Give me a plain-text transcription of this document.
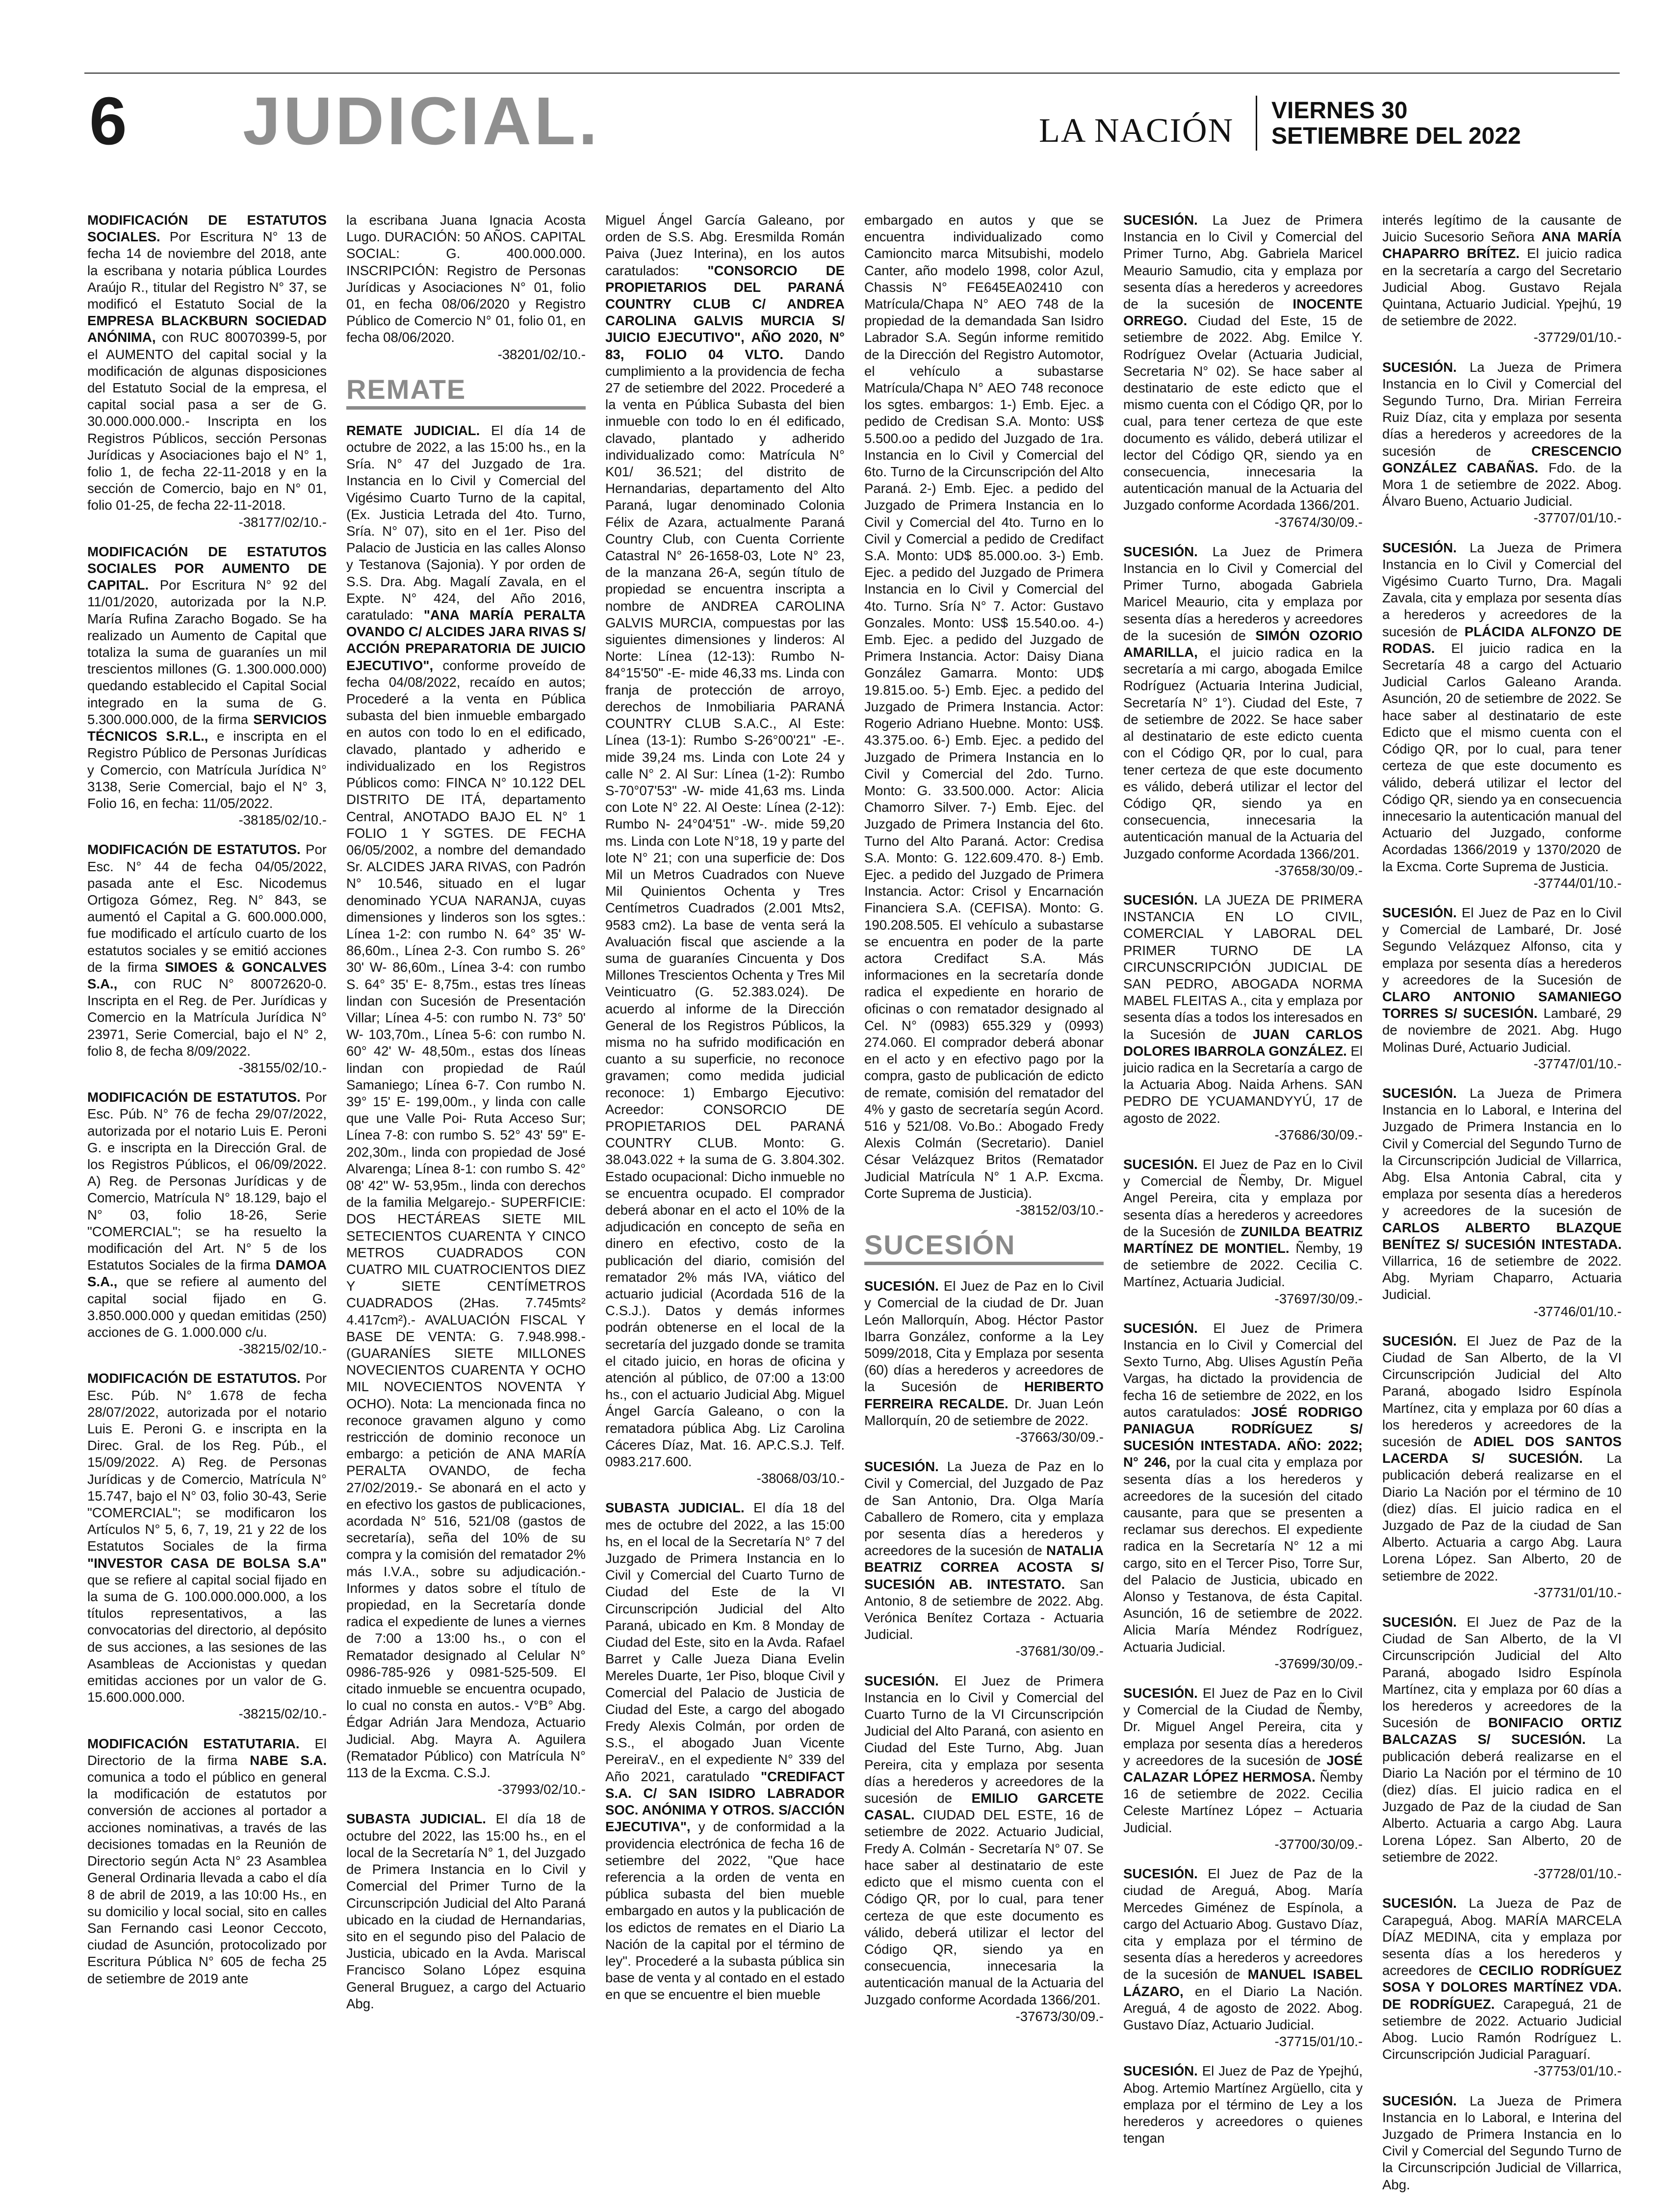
6 JUDICIAL.	LA NACIÓN
VIERNES 30
SETIEMBRE DEL 2022
MODIFICACIÓN DE ESTATUTOS SOCIALES. Por Escritura N° 13 de fecha 14 de noviembre del 2018, ante la escribana y notaria pública Lourdes Araújo R., titular del Registro N° 37, se modificó el Estatuto Social de la EMPRESA BLACKBURN SOCIEDAD ANÓNIMA, con RUC 80070399-5, por el AUMENTO del capital social y la modificación de algunas disposiciones del Estatuto Social de la empresa, el capital social pasa a ser de G. 30.000.000.000.- Inscripta en los Registros Públicos, sección Personas Jurídicas y Asociaciones bajo el N° 1, folio 1, de fecha 22-11-2018 y en la sección de Comercio, bajo en N° 01, folio 01-25, de fecha 22-11-2018.
-38177/02/10.-
MODIFICACIÓN DE ESTATUTOS SOCIALES POR AUMENTO DE CAPITAL. Por Escritura N° 92 del 11/01/2020, autorizada por la N.P. María Rufina Zaracho Bogado. Se ha realizado un Aumento de Capital que totaliza la suma de guaraníes un mil trescientos millones (G. 1.300.000.000) quedando establecido el Capital Social integrado en la suma de G. 5.300.000.000, de la firma SERVICIOS TÉCNICOS S.R.L., e inscripta en el Registro Público de Personas Jurídicas y Comercio, con Matrícula Jurídica N° 3138, Serie Comercial, bajo el N° 3, Folio 16, en fecha: 11/05/2022.
-38185/02/10.-
MODIFICACIÓN DE ESTATUTOS. Por Esc. N° 44 de fecha 04/05/2022, pasada ante el Esc. Nicodemus Ortigoza Gómez, Reg. N° 843, se aumentó el Capital a G. 600.000.000, fue modificado el artículo cuarto de los estatutos sociales y se emitió acciones de la firma SIMOES & GONCALVES S.A., con RUC N° 80072620-0. Inscripta en el Reg. de Per. Jurídicas y Comercio en la Matrícula Jurídica N° 23971, Serie Comercial, bajo el N° 2, folio 8, de fecha 8/09/2022.
-38155/02/10.-
MODIFICACIÓN DE ESTATUTOS. Por Esc. Púb. N° 76 de fecha 29/07/2022, autorizada por el notario Luis E. Peroni G. e inscripta en la Dirección Gral. de los Registros Públicos, el 06/09/2022. A) Reg. de Personas Jurídicas y de Comercio, Matrícula N° 18.129, bajo el N° 03, folio 18-26, Serie "COMERCIAL"; se ha resuelto la modificación del Art. N° 5 de los Estatutos Sociales de la firma DAMOA S.A., que se refiere al aumento del capital social fijado en G. 3.850.000.000 y quedan emitidas (250) acciones de G. 1.000.000 c/u.
-38215/02/10.-
MODIFICACIÓN DE ESTATUTOS. Por Esc. Púb. N° 1.678 de fecha 28/07/2022, autorizada por el notario Luis E. Peroni G. e inscripta en la Direc. Gral. de los Reg. Púb., el 15/09/2022. A) Reg. de Personas Jurídicas y de Comercio, Matrícula N° 15.747, bajo el N° 03, folio 30-43, Serie "COMERCIAL"; se modificaron los Artículos N° 5, 6, 7, 19, 21 y 22 de los Estatutos Sociales de la firma "INVESTOR CASA DE BOLSA S.A" que se refiere al capital social fijado en la suma de G. 100.000.000.000, a los títulos representativos, a las convocatorias del directorio, al depósito de sus acciones, a las sesiones de las Asambleas de Accionistas y quedan emitidas acciones por un valor de G. 15.600.000.000.
-38215/02/10.-
MODIFICACIÓN ESTATUTARIA. El Directorio de la firma NABE S.A. comunica a todo el público en general la modificación de estatutos por conversión de acciones al portador a acciones nominativas, a través de las decisiones tomadas en la Reunión de Directorio según Acta N° 23 Asamblea General Ordinaria llevada a cabo el día 8 de abril de 2019, a las 10:00 Hs., en su domicilio y local social, sito en calles San Fernando casi Leonor Ceccoto, ciudad de Asunción, protocolizado por Escritura Pública N° 605 de fecha 25 de setiembre de 2019 ante
la escribana Juana Ignacia Acosta Lugo. DURACIÓN: 50 AÑOS. CAPITAL SOCIAL: G. 400.000.000. INSCRIPCIÓN: Registro de Personas Jurídicas y Asociaciones N° 01, folio 01, en fecha 08/06/2020 y Registro Público de Comercio N° 01, folio 01, en fecha 08/06/2020.
-38201/02/10.-
REMATE
REMATE JUDICIAL. El día 14 de octubre de 2022, a las 15:00 hs., en la Sría. N° 47 del Juzgado de 1ra. Instancia en lo Civil y Comercial del Vigésimo Cuarto Turno de la capital, (Ex. Justicia Letrada del 4to. Turno, Sría. N° 07), sito en el 1er. Piso del Palacio de Justicia en las calles Alonso y Testanova (Sajonia). Y por orden de S.S. Dra. Abg. Magalí Zavala, en el Expte. N° 424, del Año 2016, caratulado: "ANA MARÍA PERALTA OVANDO C/ ALCIDES JARA RIVAS S/ ACCIÓN PREPARATORIA DE JUICIO EJECUTIVO", conforme proveído de fecha 04/08/2022, recaído en autos; Procederé a la venta en Pública subasta del bien inmueble embargado en autos con todo lo en el edificado, clavado, plantado y adherido e individualizado en los Registros Públicos como: FINCA N° 10.122 DEL DISTRITO DE ITÁ, departamento Central, ANOTADO BAJO EL N° 1 FOLIO 1 Y SGTES. DE FECHA 06/05/2002, a nombre del demandado Sr. ALCIDES JARA RIVAS, con Padrón N° 10.546, situado en el lugar denominado YCUA NARANJA, cuyas dimensiones y linderos son los sgtes.: Línea 1-2: con rumbo N. 64° 35' W- 86,60m., Línea 2-3. Con rumbo S. 26° 30' W- 86,60m., Línea 3-4: con rumbo S. 64° 35' E- 8,75m., estas tres líneas lindan con Sucesión de Presentación Villar; Línea 4-5: con rumbo N. 73° 50' W- 103,70m., Línea 5-6: con rumbo N. 60° 42' W- 48,50m., estas dos líneas lindan con propiedad de Raúl Samaniego; Línea 6-7. Con rumbo N. 39° 15' E- 199,00m., y linda con calle que une Valle Poi- Ruta Acceso Sur; Línea 7-8: con rumbo S. 52° 43' 59" E- 202,30m., linda con propiedad de José Alvarenga; Línea 8-1: con rumbo S. 42° 08' 42" W- 53,95m., linda con derechos de la familia Melgarejo.- SUPERFICIE: DOS HECTÁREAS SIETE MIL SETECIENTOS CUARENTA Y CINCO METROS CUADRADOS CON CUATRO MIL CUATROCIENTOS DIEZ Y SIETE CENTÍMETROS CUADRADOS (2Has. 7.745mts² 4.417cm²).- AVALUACIÓN FISCAL Y BASE DE VENTA: G. 7.948.998.- (GUARANÍES SIETE MILLONES NOVECIENTOS CUARENTA Y OCHO MIL NOVECIENTOS NOVENTA Y OCHO). Nota: La mencionada finca no reconoce gravamen alguno y como restricción de dominio reconoce un embargo: a petición de ANA MARÍA PERALTA OVANDO, de fecha 27/02/2019.- Se abonará en el acto y en efectivo los gastos de publicaciones, acordada N° 516, 521/08 (gastos de secretaría), seña del 10% de su compra y la comisión del rematador 2% más I.V.A., sobre su adjudicación.- Informes y datos sobre el título de propiedad, en la Secretaría donde radica el expediente de lunes a viernes de 7:00 a 13:00 hs., o con el Rematador designado al Celular N° 0986-785-926 y 0981-525-509. El citado inmueble se encuentra ocupado, lo cual no consta en autos.- V°B° Abg. Édgar Adrián Jara Mendoza, Actuario Judicial. Abg. Mayra A. Aguilera (Rematador Público) con Matrícula N° 113 de la Excma. C.S.J.
-37993/02/10.-
SUBASTA JUDICIAL. El día 18 de octubre del 2022, las 15:00 hs., en el local de la Secretaría N° 1, del Juzgado de Primera Instancia en lo Civil y Comercial del Primer Turno de la Circunscripción Judicial del Alto Paraná ubicado en la ciudad de Hernandarias, sito en el segundo piso del Palacio de Justicia, ubicado en la Avda. Mariscal Francisco Solano López esquina General Bruguez, a cargo del Actuario Abg.
Miguel Ángel García Galeano, por orden de S.S. Abg. Eresmilda Román Paiva (Juez Interina), en los autos caratulados: "CONSORCIO DE PROPIETARIOS DEL PARANÁ COUNTRY CLUB C/ ANDREA CAROLINA GALVIS MURCIA S/ JUICIO EJECUTIVO", AÑO 2020, N° 83, FOLIO 04 VLTO. Dando cumplimiento a la providencia de fecha 27 de setiembre del 2022. Procederé a la venta en Pública Subasta del bien inmueble con todo lo en él edificado, clavado, plantado y adherido individualizado como: Matrícula N° K01/ 36.521; del distrito de Hernandarias, departamento del Alto Paraná, lugar denominado Colonia Félix de Azara, actualmente Paraná Country Club, con Cuenta Corriente Catastral N° 26-1658-03, Lote N° 23, de la manzana 26-A, según título de propiedad se encuentra inscripta a nombre de ANDREA CAROLINA GALVIS MURCIA, compuestas por las siguientes dimensiones y linderos: Al Norte: Línea (12-13): Rumbo N- 84°15'50" -E- mide 46,33 ms. Linda con franja de protección de arroyo, derechos de Inmobiliaria PARANÁ COUNTRY CLUB S.A.C., Al Este: Línea (13-1): Rumbo S-26°00'21" -E-. mide 39,24 ms. Linda con Lote 24 y calle N° 2. Al Sur: Línea (1-2): Rumbo S-70°07'53" -W- mide 41,63 ms. Linda con Lote N° 22. Al Oeste: Línea (2-12): Rumbo N- 24°04'51" -W-. mide 59,20 ms. Linda con Lote N°18, 19 y parte del lote N° 21; con una superficie de: Dos Mil un Metros Cuadrados con Nueve Mil Quinientos Ochenta y Tres Centímetros Cuadrados (2.001 Mts2, 9583 cm2). La base de venta será la Avaluación fiscal que asciende a la suma de guaraníes Cincuenta y Dos Millones Trescientos Ochenta y Tres Mil Veinticuatro (G. 52.383.024). De acuerdo al informe de la Dirección General de los Registros Públicos, la misma no ha sufrido modificación en cuanto a su superficie, no reconoce gravamen; como medida judicial reconoce: 1) Embargo Ejecutivo: Acreedor: CONSORCIO DE PROPIETARIOS DEL PARANÁ COUNTRY CLUB. Monto: G. 38.043.022 + la suma de G. 3.804.302. Estado ocupacional: Dicho inmueble no se encuentra ocupado. El comprador deberá abonar en el acto el 10% de la adjudicación en concepto de seña en dinero en efectivo, costo de la publicación del diario, comisión del rematador 2% más IVA, viático del actuario judicial (Acordada 516 de la C.S.J.). Datos y demás informes podrán obtenerse en el local de la secretaría del juzgado donde se tramita el citado juicio, en horas de oficina y atención al público, de 07:00 a 13:00 hs., con el actuario Judicial Abg. Miguel Ángel García Galeano, o con la rematadora pública Abg. Liz Carolina Cáceres Díaz, Mat. 16. AP.C.S.J. Telf. 0983.217.600.
-38068/03/10.-
SUBASTA JUDICIAL. El día 18 del mes de octubre del 2022, a las 15:00 hs, en el local de la Secretaría N° 7 del Juzgado de Primera Instancia en lo Civil y Comercial del Cuarto Turno de Ciudad del Este de la VI Circunscripción Judicial del Alto Paraná, ubicado en Km. 8 Monday de Ciudad del Este, sito en la Avda. Rafael Barret y Calle Jueza Diana Evelin Mereles Duarte, 1er Piso, bloque Civil y Comercial del Palacio de Justicia de Ciudad del Este, a cargo del abogado Fredy Alexis Colmán, por orden de S.S., el abogado Juan Vicente PereiraV., en el expediente N° 339 del Año 2021, caratulado "CREDIFACT S.A. C/ SAN ISIDRO LABRADOR SOC. ANÓNIMA Y OTROS. S/ACCIÓN EJECUTIVA", y de conformidad a la providencia electrónica de fecha 16 de setiembre del 2022, "Que hace referencia a la orden de venta en pública subasta del bien mueble embargado en autos y la publicación de los edictos de remates en el Diario La Nación de la capital por el término de ley". Procederé a la subasta pública sin base de venta y al contado en el estado en que se encuentre el bien mueble
embargado en autos y que se encuentra individualizado como Camioncito marca Mitsubishi, modelo Canter, año modelo 1998, color Azul, Chassis N° FE645EA02410 con Matrícula/Chapa N° AEO 748 de la propiedad de la demandada San Isidro Labrador S.A. Según informe remitido de la Dirección del Registro Automotor, el vehículo a subastarse Matrícula/Chapa N° AEO 748 reconoce los sgtes. embargos: 1-) Emb. Ejec. a pedido de Credisan S.A. Monto: US$ 5.500.oo a pedido del Juzgado de 1ra. Instancia en lo Civil y Comercial del 6to. Turno de la Circunscripción del Alto Paraná. 2-) Emb. Ejec. a pedido del Juzgado de Primera Instancia en lo Civil y Comercial del 4to. Turno en lo Civil y Comercial a pedido de Credifact S.A. Monto: UD$ 85.000.oo. 3-) Emb. Ejec. a pedido del Juzgado de Primera Instancia en lo Civil y Comercial del 4to. Turno. Sría N° 7. Actor: Gustavo Gonzales. Monto: US$ 15.540.oo. 4-) Emb. Ejec. a pedido del Juzgado de Primera Instancia. Actor: Daisy Diana González Gamarra. Monto: UD$ 19.815.oo. 5-) Emb. Ejec. a pedido del Juzgado de Primera Instancia. Actor: Rogerio Adriano Huebne. Monto: US$. 43.375.oo. 6-) Emb. Ejec. a pedido del Juzgado de Primera Instancia en lo Civil y Comercial del 2do. Turno. Monto: G. 33.500.000. Actor: Alicia Chamorro Silver. 7-) Emb. Ejec. del Juzgado de Primera Instancia del 6to. Turno del Alto Paraná. Actor: Credisa S.A. Monto: G. 122.609.470. 8-) Emb. Ejec. a pedido del Juzgado de Primera Instancia. Actor: Crisol y Encarnación Financiera S.A. (CEFISA). Monto: G. 190.208.505. El vehículo a subastarse se encuentra en poder de la parte actora Credifact S.A. Más informaciones en la secretaría donde radica el expediente en horario de oficinas o con rematador designado al Cel. N° (0983) 655.329 y (0993) 274.060. El comprador deberá abonar en el acto y en efectivo pago por la compra, gasto de publicación de edicto de remate, comisión del rematador del 4% y gasto de secretaría según Acord. 516 y 521/08. Vo.Bo.: Abogado Fredy Alexis Colmán (Secretario). Daniel César Velázquez Britos (Rematador Judicial Matrícula N° 1 A.P. Excma. Corte Suprema de Justicia).
-38152/03/10.-
SUCESIÓN
SUCESIÓN. El Juez de Paz en lo Civil y Comercial de la ciudad de Dr. Juan León Mallorquín, Abog. Héctor Pastor Ibarra González, conforme a la Ley 5099/2018, Cita y Emplaza por sesenta (60) días a herederos y acreedores de la Sucesión de HERIBERTO FERREIRA RECALDE. Dr. Juan León Mallorquín, 20 de setiembre de 2022.
-37663/30/09.-
SUCESIÓN. La Jueza de Paz en lo Civil y Comercial, del Juzgado de Paz de San Antonio, Dra. Olga María Caballero de Romero, cita y emplaza por sesenta días a herederos y acreedores de la sucesión de NATALIA BEATRIZ CORREA ACOSTA S/ SUCESIÓN AB. INTESTATO. San Antonio, 8 de setiembre de 2022. Abg. Verónica Benítez Cortaza - Actuaria Judicial.
-37681/30/09.-
SUCESIÓN. El Juez de Primera Instancia en lo Civil y Comercial del Cuarto Turno de la VI Circunscripción Judicial del Alto Paraná, con asiento en Ciudad del Este Turno, Abg. Juan Pereira, cita y emplaza por sesenta días a herederos y acreedores de la sucesión de EMILIO GARCETE CASAL. CIUDAD DEL ESTE, 16 de setiembre de 2022. Actuario Judicial, Fredy A. Colmán - Secretaría N° 07. Se hace saber al destinatario de este edicto que el mismo cuenta con el Código QR, por lo cual, para tener certeza de que este documento es válido, deberá utilizar el lector del Código QR, siendo ya en consecuencia, innecesaria la autenticación manual de la Actuaria del Juzgado conforme Acordada 1366/201.
-37673/30/09.-
SUCESIÓN. La Juez de Primera Instancia en lo Civil y Comercial del Primer Turno, Abg. Gabriela Maricel Meaurio Samudio, cita y emplaza por sesenta días a herederos y acreedores de la sucesión de INOCENTE ORREGO. Ciudad del Este, 15 de setiembre de 2022. Abg. Emilce Y. Rodríguez Ovelar (Actuaria Judicial, Secretaria N° 02). Se hace saber al destinatario de este edicto que el mismo cuenta con el Código QR, por lo cual, para tener certeza de que este documento es válido, deberá utilizar el lector del Código QR, siendo ya en consecuencia, innecesaria la autenticación manual de la Actuaria del Juzgado conforme Acordada 1366/201.
-37674/30/09.-
SUCESIÓN. La Juez de Primera Instancia en lo Civil y Comercial del Primer Turno, abogada Gabriela Maricel Meaurio, cita y emplaza por sesenta días a herederos y acreedores de la sucesión de SIMÓN OZORIO AMARILLA, el juicio radica en la secretaría a mi cargo, abogada Emilce Rodríguez (Actuaria Interina Judicial, Secretaría N° 1°). Ciudad del Este, 7 de setiembre de 2022. Se hace saber al destinatario de este edicto cuenta con el Código QR, por lo cual, para tener certeza de que este documento es válido, deberá utilizar el lector del Código QR, siendo ya en consecuencia, innecesaria la autenticación manual de la Actuaria del Juzgado conforme Acordada 1366/201.
-37658/30/09.-
SUCESIÓN. LA JUEZA DE PRIMERA INSTANCIA EN LO CIVIL, COMERCIAL Y LABORAL DEL PRIMER TURNO DE LA CIRCUNSCRIPCIÓN JUDICIAL DE SAN PEDRO, ABOGADA NORMA MABEL FLEITAS A., cita y emplaza por sesenta días a todos los interesados en la Sucesión de JUAN CARLOS DOLORES IBARROLA GONZÁLEZ. El juicio radica en la Secretaría a cargo de la Actuaria Abog. Naida Arhens. SAN PEDRO DE YCUAMANDYYÚ, 17 de agosto de 2022.
-37686/30/09.-
SUCESIÓN. El Juez de Paz en lo Civil y Comercial de Ñemby, Dr. Miguel Angel Pereira, cita y emplaza por sesenta días a herederos y acreedores de la Sucesión de ZUNILDA BEATRIZ MARTÍNEZ DE MONTIEL. Ñemby, 19 de setiembre de 2022. Cecilia C. Martínez, Actuaria Judicial.
-37697/30/09.-
SUCESIÓN. El Juez de Primera Instancia en lo Civil y Comercial del Sexto Turno, Abg. Ulises Agustín Peña Vargas, ha dictado la providencia de fecha 16 de setiembre de 2022, en los autos caratulados: JOSÉ RODRIGO PANIAGUA RODRÍGUEZ S/ SUCESIÓN INTESTADA. AÑO: 2022; N° 246, por la cual cita y emplaza por sesenta días a los herederos y acreedores de la sucesión del citado causante, para que se presenten a reclamar sus derechos. El expediente radica en la Secretaría N° 12 a mi cargo, sito en el Tercer Piso, Torre Sur, del Palacio de Justicia, ubicado en Alonso y Testanova, de ésta Capital. Asunción, 16 de setiembre de 2022. Alicia María Méndez Rodríguez, Actuaria Judicial.
-37699/30/09.-
SUCESIÓN. El Juez de Paz en lo Civil y Comercial de la Ciudad de Ñemby, Dr. Miguel Angel Pereira, cita y emplaza por sesenta días a herederos y acreedores de la sucesión de JOSÉ CALAZAR LÓPEZ HERMOSA. Ñemby 16 de setiembre de 2022. Cecilia Celeste Martínez López – Actuaria Judicial.
-37700/30/09.-
SUCESIÓN. El Juez de Paz de la ciudad de Areguá, Abog. María Mercedes Giménez de Espínola, a cargo del Actuario Abog. Gustavo Díaz, cita y emplaza por el término de sesenta días a herederos y acreedores de la sucesión de MANUEL ISABEL LÁZARO, en el Diario La Nación. Areguá, 4 de agosto de 2022. Abog. Gustavo Díaz, Actuario Judicial.
-37715/01/10.-
SUCESIÓN. El Juez de Paz de Ypejhú, Abog. Artemio Martínez Argüello, cita y emplaza por el término de Ley a los herederos y acreedores o quienes tengan
interés legítimo de la causante de Juicio Sucesorio Señora ANA MARÍA CHAPARRO BRÍTEZ. El juicio radica en la secretaría a cargo del Secretario Judicial Abog. Gustavo Rejala Quintana, Actuario Judicial. Ypejhú, 19 de setiembre de 2022.
-37729/01/10.-
SUCESIÓN. La Jueza de Primera Instancia en lo Civil y Comercial del Segundo Turno, Dra. Mirian Ferreira Ruiz Díaz, cita y emplaza por sesenta días a herederos y acreedores de la sucesión de CRESCENCIO GONZÁLEZ CABAÑAS. Fdo. de la Mora 1 de setiembre de 2022. Abog. Álvaro Bueno, Actuario Judicial.
-37707/01/10.-
SUCESIÓN. La Jueza de Primera Instancia en lo Civil y Comercial del Vigésimo Cuarto Turno, Dra. Magali Zavala, cita y emplaza por sesenta días a herederos y acreedores de la sucesión de PLÁCIDA ALFONZO DE RODAS. El juicio radica en la Secretaría 48 a cargo del Actuario Judicial Carlos Galeano Aranda. Asunción, 20 de setiembre de 2022. Se hace saber al destinatario de este Edicto que el mismo cuenta con el Código QR, por lo cual, para tener certeza de que este documento es válido, deberá utilizar el lector del Código QR, siendo ya en consecuencia innecesario la autenticación manual del Actuario del Juzgado, conforme Acordadas 1366/2019 y 1370/2020 de la Excma. Corte Suprema de Justicia.
-37744/01/10.-
SUCESIÓN. El Juez de Paz en lo Civil y Comercial de Lambaré, Dr. José Segundo Velázquez Alfonso, cita y emplaza por sesenta días a herederos y acreedores de la Sucesión de CLARO ANTONIO SAMANIEGO TORRES S/ SUCESIÓN. Lambaré, 29 de noviembre de 2021. Abg. Hugo Molinas Duré, Actuario Judicial.
-37747/01/10.-
SUCESIÓN. La Jueza de Primera Instancia en lo Laboral, e Interina del Juzgado de Primera Instancia en lo Civil y Comercial del Segundo Turno de la Circunscripción Judicial de Villarrica, Abg. Elsa Antonia Cabral, cita y emplaza por sesenta días a herederos y acreedores de la sucesión de CARLOS ALBERTO BLAZQUE BENÍTEZ S/ SUCESIÓN INTESTADA. Villarrica, 16 de setiembre de 2022. Abg. Myriam Chaparro, Actuaria Judicial.
-37746/01/10.-
SUCESIÓN. El Juez de Paz de la Ciudad de San Alberto, de la VI Circunscripción Judicial del Alto Paraná, abogado Isidro Espínola Martínez, cita y emplaza por 60 días a los herederos y acreedores de la sucesión de ADIEL DOS SANTOS LACERDA S/ SUCESIÓN. La publicación deberá realizarse en el Diario La Nación por el término de 10 (diez) días. El juicio radica en el Juzgado de Paz de la ciudad de San Alberto. Actuaria a cargo Abg. Laura Lorena López. San Alberto, 20 de setiembre de 2022.
-37731/01/10.-
SUCESIÓN. El Juez de Paz de la Ciudad de San Alberto, de la VI Circunscripción Judicial del Alto Paraná, abogado Isidro Espínola Martínez, cita y emplaza por 60 días a los herederos y acreedores de la Sucesión de BONIFACIO ORTIZ BALCAZAS S/ SUCESIÓN. La publicación deberá realizarse en el Diario La Nación por el término de 10 (diez) días. El juicio radica en el Juzgado de Paz de la ciudad de San Alberto. Actuaria a cargo Abg. Laura Lorena López. San Alberto, 20 de setiembre de 2022.
-37728/01/10.-
SUCESIÓN. La Jueza de Paz de Carapeguá, Abog. MARÍA MARCELA DÍAZ MEDINA, cita y emplaza por sesenta días a los herederos y acreedores de CECILIO RODRÍGUEZ SOSA Y DOLORES MARTÍNEZ VDA. DE RODRÍGUEZ. Carapeguá, 21 de setiembre de 2022. Actuario Judicial Abog. Lucio Ramón Rodríguez L. Circunscripción Judicial Paraguarí.
-37753/01/10.-
SUCESIÓN. La Jueza de Primera Instancia en lo Laboral, e Interina del Juzgado de Primera Instancia en lo Civil y Comercial del Segundo Turno de la Circunscripción Judicial de Villarrica, Abg.
